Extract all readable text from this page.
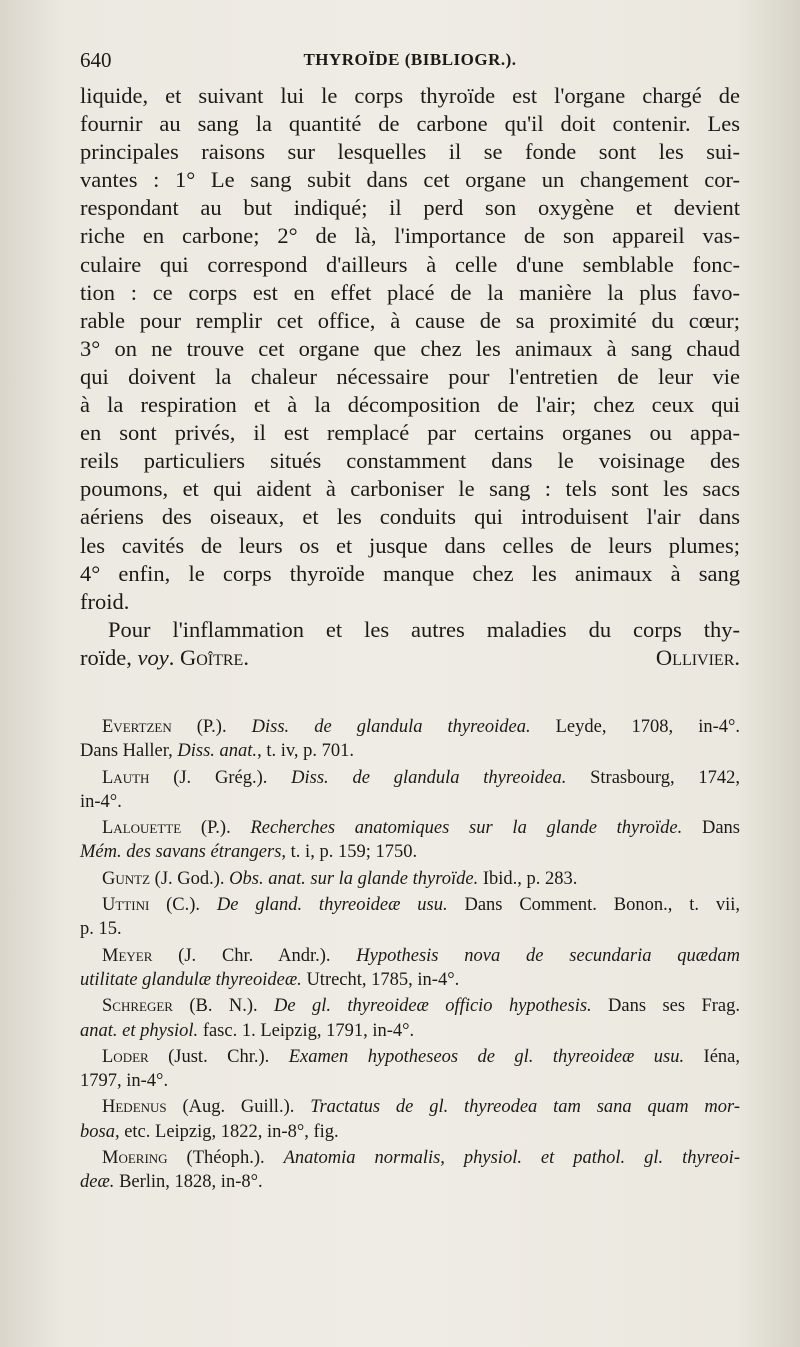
640	THYROÏDE (BIBLIOGR.).
liquide, et suivant lui le corps thyroïde est l'organe chargé de
fournir au sang la quantité de carbone qu'il doit contenir. Les
principales raisons sur lesquelles il se fonde sont les sui-
vantes : 1° Le sang subit dans cet organe un changement cor-
respondant au but indiqué; il perd son oxygène et devient
riche en carbone; 2° de là, l'importance de son appareil vas-
culaire qui correspond d'ailleurs à celle d'une semblable fonc-
tion : ce corps est en effet placé de la manière la plus favo-
rable pour remplir cet office, à cause de sa proximité du cœur;
3° on ne trouve cet organe que chez les animaux à sang chaud
qui doivent la chaleur nécessaire pour l'entretien de leur vie
à la respiration et à la décomposition de l'air; chez ceux qui
en sont privés, il est remplacé par certains organes ou appa-
reils particuliers situés constamment dans le voisinage des
poumons, et qui aident à carboniser le sang : tels sont les sacs
aériens des oiseaux, et les conduits qui introduisent l'air dans
les cavités de leurs os et jusque dans celles de leurs plumes;
4° enfin, le corps thyroïde manque chez les animaux à sang
froid.
Pour l'inflammation et les autres maladies du corps thy-
roïde, voy. Goître.	Ollivier.
Evertzen (P.). Diss. de glandula thyreoidea. Leyde, 1708, in-4°.
Dans Haller, Diss. anat., t. iv, p. 701.
Lauth (J. Grég.). Diss. de glandula thyreoidea. Strasbourg, 1742,
in-4°.
Lalouette (P.). Recherches anatomiques sur la glande thyroïde. Dans
Mém. des savans étrangers, t. i, p. 159; 1750.
Guntz (J. God.). Obs. anat. sur la glande thyroïde. Ibid., p. 283.
Uttini (C.). De gland. thyreoideæ usu. Dans Comment. Bonon., t. vii,
p. 15.
Meyer (J. Chr. Andr.). Hypothesis nova de secundaria quædam
utilitate glandulæ thyreoideæ. Utrecht, 1785, in-4°.
Schreger (B. N.). De gl. thyreoideæ officio hypothesis. Dans ses Frag.
anat. et physiol. fasc. 1. Leipzig, 1791, in-4°.
Loder (Just. Chr.). Examen hypotheseos de gl. thyreoideæ usu. Iéna,
1797, in-4°.
Hedenus (Aug. Guill.). Tractatus de gl. thyreodea tam sana quam mor-
bosa, etc. Leipzig, 1822, in-8°, fig.
Moering (Théoph.). Anatomia normalis, physiol. et pathol. gl. thyreoi-
deæ. Berlin, 1828, in-8°.
